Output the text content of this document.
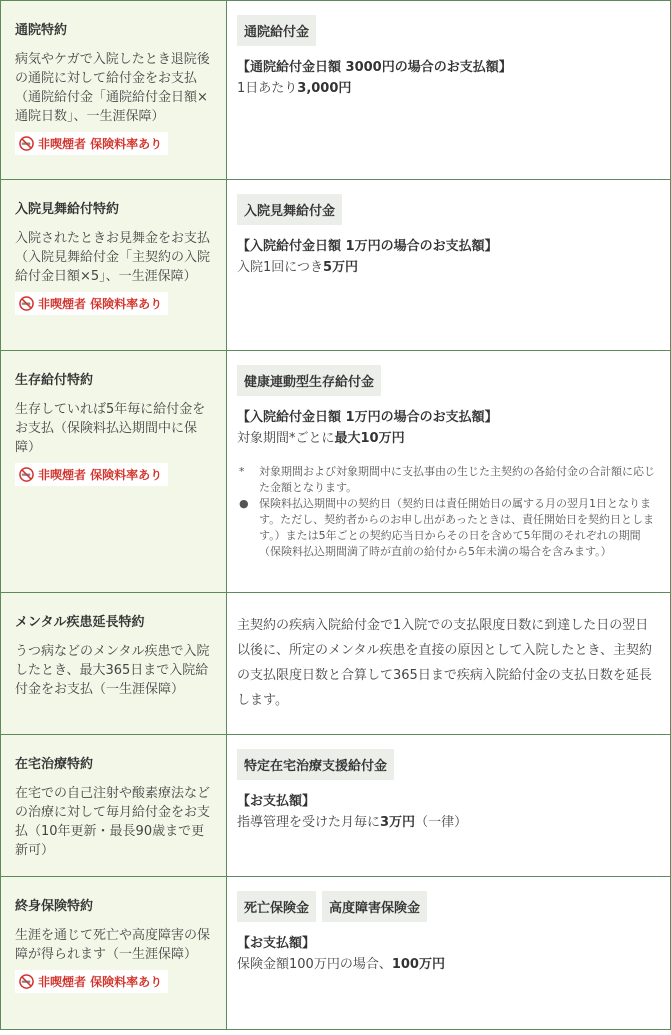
通院特約
病気やケガで入院したとき退院後の通院に対して給付金をお支払（通院給付金「通院給付金日額×通院日数」、一生涯保障）
非喫煙者 保険料率あり
通院給付金
【通院給付金日額 3000円の場合のお支払額】
1日あたり3,000円
入院見舞給付特約
入院されたときお見舞金をお支払（入院見舞給付金「主契約の入院給付金日額×5」、一生涯保障）
非喫煙者 保険料率あり
入院見舞給付金
【入院給付金日額 1万円の場合のお支払額】
入院1回につき5万円
生存給付特約
生存していれば5年毎に給付金をお支払（保険料払込期間中に保障）
非喫煙者 保険料率あり
健康連動型生存給付金
【入院給付金日額 1万円の場合のお支払額】
対象期間*ごとに最大10万円
*	対象期間および対象期間中に支払事由の生じた主契約の各給付金の合計額に応じた金額となります。
● 保険料払込期間中の契約日（契約日は責任開始日の属する月の翌月1日となります。ただし、契約者からのお申し出があったときは、責任開始日を契約日とします。）または5年ごとの契約応当日からその日を含めて5年間のそれぞれの期間（保険料払込期間満了時が直前の給付から5年未満の場合を含みます。）
メンタル疾患延長特約
うつ病などのメンタル疾患で入院したとき、最大365日まで入院給付金をお支払（一生涯保障）
主契約の疾病入院給付金で1入院での支払限度日数に到達した日の翌日以後に、所定のメンタル疾患を直接の原因として入院したとき、主契約の支払限度日数と合算して365日まで疾病入院給付金の支払日数を延長します。
在宅治療特約
在宅での自己注射や酸素療法などの治療に対して毎月給付金をお支払（10年更新・最長90歳まで更新可）
特定在宅治療支援給付金
【お支払額】
指導管理を受けた月毎に3万円（一律）
終身保険特約
生涯を通じて死亡や高度障害の保障が得られます（一生涯保障）
非喫煙者 保険料率あり
死亡保険金 高度障害保険金
【お支払額】
保険金額100万円の場合、100万円
